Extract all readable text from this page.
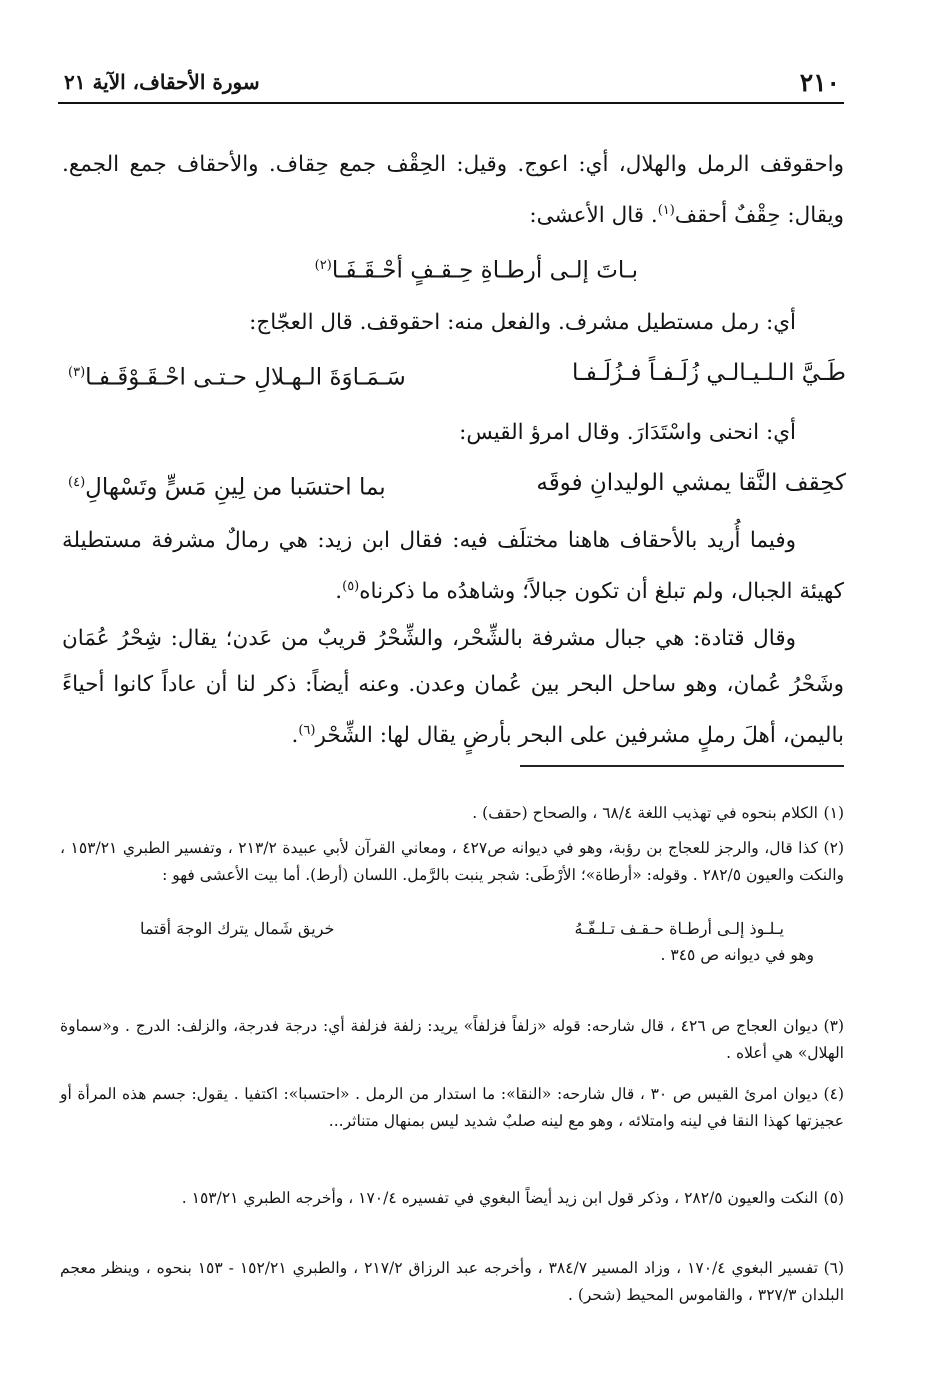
٢١٠
سورة الأحقاف، الآية ٢١

واحقوقف الرمل والهلال، أي: اعوج. وقيل: الحِقْف جمع حِقاف. والأحقاف جمع الجمع. ويقال: حِقْفٌ أحقف$^{(١)}$. قال الأعشى:

بـاتَ إلـى أرطـاةِ حِـقـفٍ أحْـقَـفَـا$^{(٢)}$

أي: رمل مستطيل مشرف. والفعل منه: احقوقف. قال العجّاج:

طَـيَّ الـلـيـالـي زُلَـفـاً فـزُلَـفـا
سَـمَـاوَةَ الـهـلالِ حـتـى احْـقَـوْقَـفـا$^{(٣)}$

أي: انحنى واسْتَدَارَ. وقال امرؤ القيس:

كحِقف النَّقا يمشي الوليدانِ فوقَه
بما احتسَبا من لِينِ مَسٍّ وتَسْهالِ$^{(٤)}$

وفيما أُريد بالأحقاف هاهنا مختلَف فيه: فقال ابن زيد: هي رمالٌ مشرفة مستطيلة كهيئة الجبال، ولم تبلغ أن تكون جبالاً؛ وشاهدُه ما ذكرناه$^{(٥)}$.

وقال قتادة: هي جبال مشرفة بالشِّحْر، والشِّحْرُ قريبٌ من عَدن؛ يقال: شِحْرُ عُمَان وشَحْرُ عُمان، وهو ساحل البحر بين عُمان وعدن. وعنه أيضاً: ذكر لنا أن عاداً كانوا أحياءً باليمن، أهلَ رملٍ مشرفين على البحر بأرضٍ يقال لها: الشِّحْر$^{(٦)}$.

(١)الكلام بنحوه في تهذيب اللغة ٦٨/٤ ، والصحاح (حقف) .

(٢)كذا قال، والرجز للعجاج بن رؤبة، وهو في ديوانه ص٤٢٧ ، ومعاني القرآن لأبي عبيدة ٢١٣/٢ ، وتفسير الطبري ١٥٣/٢١ ، والنكت والعيون ٢٨٢/٥ . وقوله: «أرطاة»؛ الأرْطَى: شجر ينبت بالرَّمل. اللسان (أرط). أما بيت الأعشى فهو :

يـلـوذ إلـى أرطـاة حـقـف تـلـفّـهُ
خريق شَمال يترك الوجهَ أقتما

وهو في ديوانه ص ٣٤٥ .

(٣)ديوان العجاج ص ٤٢٦ ، قال شارحه: قوله «زلفاً فزلفاً» يريد: زلفة فزلفة أي: درجة فدرجة، والزلف: الدرج . و«سماوة الهلال» هي أعلاه .

(٤)ديوان امرئ القيس ص ٣٠ ، قال شارحه: «النقا»: ما استدار من الرمل . «احتسبا»: اكتفيا . يقول: جسم هذه المرأة أو عجيزتها كهذا النقا في لينه وامتلائه ، وهو مع لينه صلبٌ شديد ليس بمنهال متناثر...

(٥)النكت والعيون ٢٨٢/٥ ، وذكر قول ابن زيد أيضاً البغوي في تفسيره ١٧٠/٤ ، وأخرجه الطبري ١٥٣/٢١ .

(٦)تفسير البغوي ١٧٠/٤ ، وزاد المسير ٣٨٤/٧ ، وأخرجه عبد الرزاق ٢١٧/٢ ، والطبري ١٥٢/٢١ - ١٥٣ بنحوه ، وينظر معجم البلدان ٣٢٧/٣ ، والقاموس المحيط (شحر) .
